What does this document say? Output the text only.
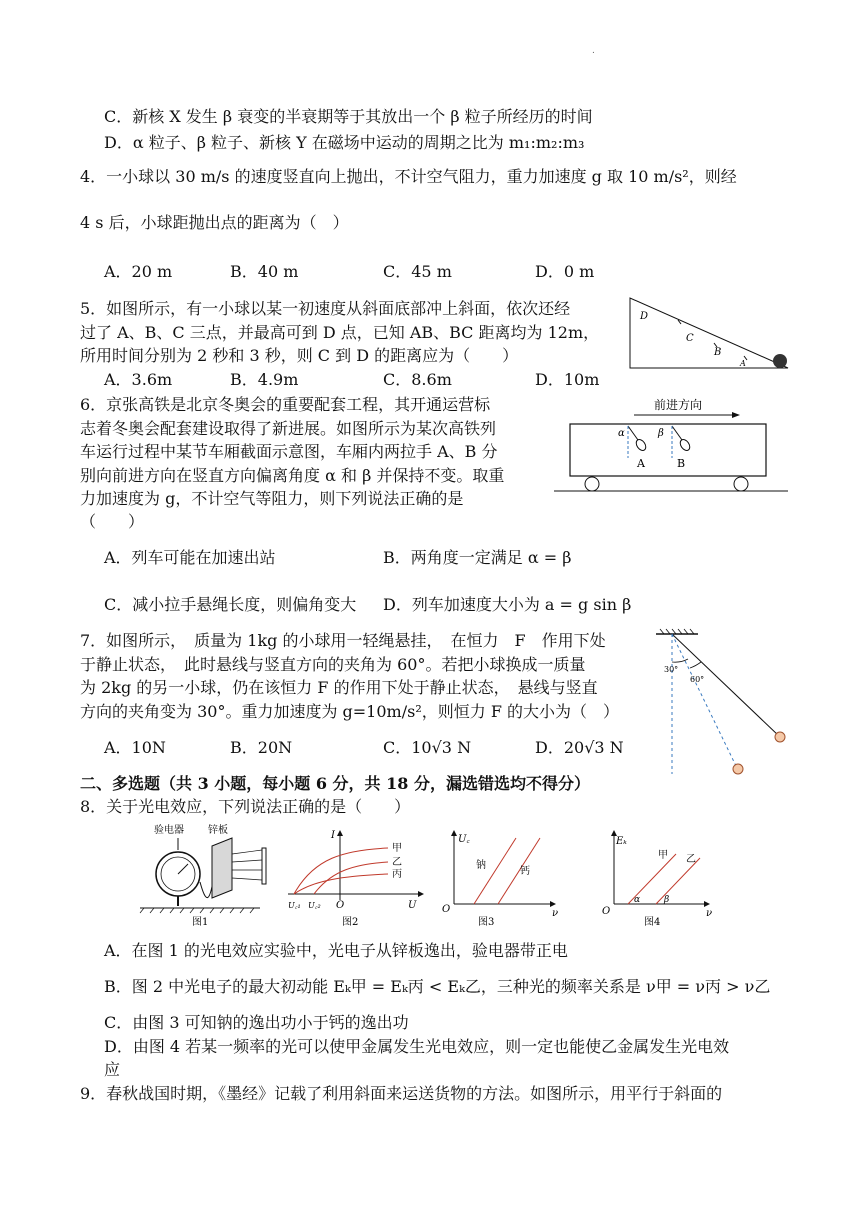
.
C．新核 X 发生 β 衰变的半衰期等于其放出一个 β 粒子所经历的时间
D．α 粒子、β 粒子、新核 Y 在磁场中运动的周期之比为 m₁:m₂:m₃
4．一小球以 30 m/s 的速度竖直向上抛出，不计空气阻力，重力加速度 g 取 10 m/s²，则经
4 s 后，小球距抛出点的距离为（　）
A．20 m	B．40 m	C．45 m	D．0 m
5．如图所示，有一小球以某一初速度从斜面底部冲上斜面，依次还经
过了 A、B、C 三点，并最高可到 D 点，已知 AB、BC 距离均为 12m，
所用时间分别为 2 秒和 3 秒，则 C 到 D 的距离应为（　　）
A．3.6m	B．4.9m	C．8.6m	D．10m
D
C
B
A
6．京张高铁是北京冬奥会的重要配套工程，其开通运营标
志着冬奥会配套建设取得了新进展。如图所示为某次高铁列
车运行过程中某节车厢截面示意图，车厢内两拉手 A、B 分
别向前进方向在竖直方向偏离角度 α 和 β 并保持不变。取重
力加速度为 g，不计空气等阻力，则下列说法正确的是
（　　）
A．列车可能在加速出站	B．两角度一定满足 α = β
C．减小拉手悬绳长度，则偏角变大 D．列车加速度大小为 a = g sin β
前进方向
α	β
A	B
7．如图所示，　质量为 1kg 的小球用一轻绳悬挂，　在恒力　F　作用下处
于静止状态，　此时悬线与竖直方向的夹角为 60°。若把小球换成一质量
为 2kg 的另一小球，仍在该恒力 F 的作用下处于静止状态，　悬线与竖直
方向的夹角变为 30°。重力加速度为 g=10m/s²，则恒力 F 的大小为（　）
A．10N	B．20N	C．10√3 N	D．20√3 N
30°
60°
二、多选题（共 3 小题，每小题 6 分，共 18 分，漏选错选均不得分）
8．关于光电效应，下列说法正确的是（　　）
验电器 锌板
图1
I
U
O
U꜀₁ U꜀₂
甲
乙
丙
图2
U꜀
ν
O
钠
钙
图3
Eₖ
ν
O
甲 乙
α	β
图4
A．在图 1 的光电效应实验中，光电子从锌板逸出，验电器带正电
B．图 2 中光电子的最大初动能 Eₖ甲 = Eₖ丙 < Eₖ乙，三种光的频率关系是 ν甲 = ν丙 > ν乙
C．由图 3 可知钠的逸出功小于钙的逸出功
D．由图 4 若某一频率的光可以使甲金属发生光电效应，则一定也能使乙金属发生光电效
应
9．春秋战国时期，《墨经》记载了利用斜面来运送货物的方法。如图所示，用平行于斜面的
